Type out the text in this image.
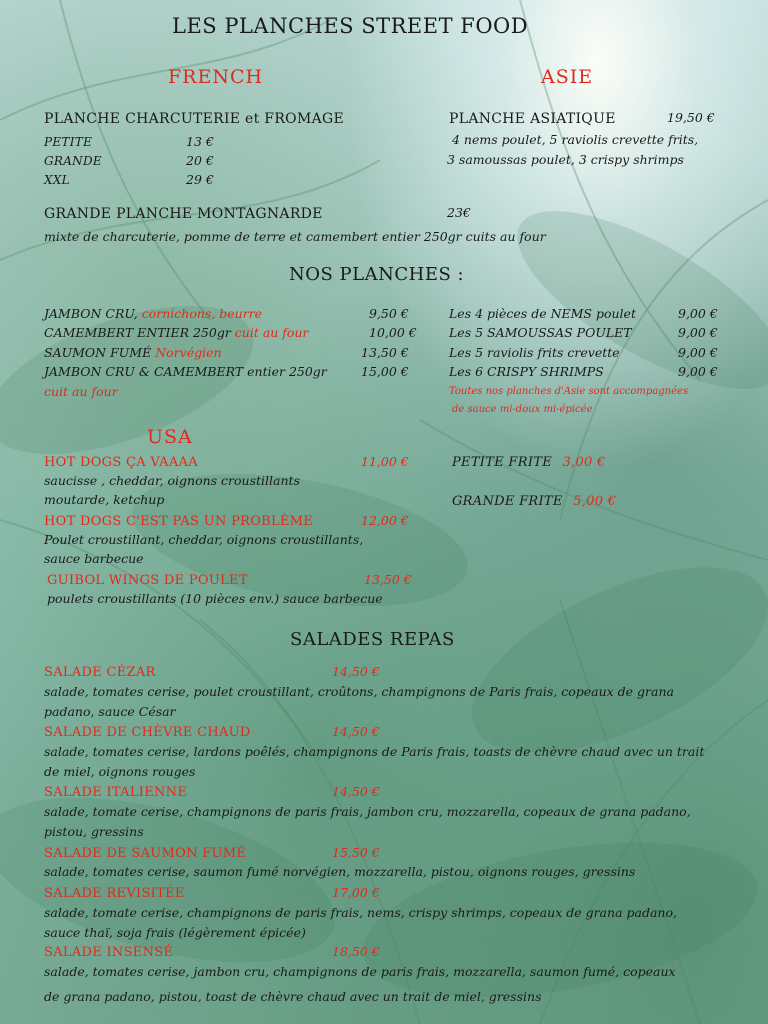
LES PLANCHES STREET FOOD
FRENCH	ASIE
PLANCHE CHARCUTERIE et FROMAGE
PETITE	13 €
GRANDE	20 €
XXL	29 €
PLANCHE ASIATIQUE	19,50 €
4 nems poulet, 5 raviolis crevette frits,
3 samoussas poulet, 3 crispy shrimps
GRANDE PLANCHE MONTAGNARDE	23€
mixte de charcuterie, pomme de terre et camembert entier 250gr cuits au four
NOS PLANCHES :
JAMBON CRU, cornichons, beurre	9,50 €
CAMEMBERT ENTIER 250gr cuit au four	10,00 €
SAUMON FUMÉ Norvégien	13,50 €
JAMBON CRU & CAMEMBERT entier 250gr	15,00 €
cuit au four
Les 4 pièces de NEMS poulet	9,00 €
Les 5 SAMOUSSAS POULET	9,00 €
Les 5 raviolis frits crevette	9,00 €
Les 6 CRISPY SHRIMPS	9,00 €
Toutes nos planches d'Asie sont accompagnées
de sauce mi-doux mi-épicée
USA
HOT DOGS ÇA VAAAA	11,00 €
saucisse , cheddar, oignons croustillants
moutarde, ketchup
HOT DOGS C'EST PAS UN PROBLÈME	12,00 €
Poulet croustillant, cheddar, oignons croustillants,
sauce barbecue
GUIBOL WINGS DE POULET	13,50 €
poulets croustillants (10 pièces env.) sauce barbecue
PETITE FRITE 3,00 €
GRANDE FRITE 5,00 €
SALADES REPAS
SALADE CÉZAR	14,50 €
salade, tomates cerise, poulet croustillant, croûtons, champignons de Paris frais, copeaux de grana
padano, sauce César
SALADE DE CHÈVRE CHAUD	14,50 €
salade, tomates cerise, lardons poêlés, champignons de Paris frais, toasts de chèvre chaud avec un trait
de miel, oignons rouges
SALADE ITALIENNE	14,50 €
salade, tomate cerise, champignons de paris frais, jambon cru, mozzarella, copeaux de grana padano,
pistou, gressins
SALADE DE SAUMON FUMÉ	15,50 €
salade, tomates cerise, saumon fumé norvégien, mozzarella, pistou, oignons rouges, gressins
SALADE REVISITÉE	17,00 €
salade, tomate cerise, champignons de paris frais, nems, crispy shrimps, copeaux de grana padano,
sauce thaï, soja frais (légèrement épicée)
SALADE INSENSÉ	18,50 €
salade, tomates cerise, jambon cru, champignons de paris frais, mozzarella, saumon fumé, copeaux
de grana padano, pistou, toast de chèvre chaud avec un trait de miel, gressins
